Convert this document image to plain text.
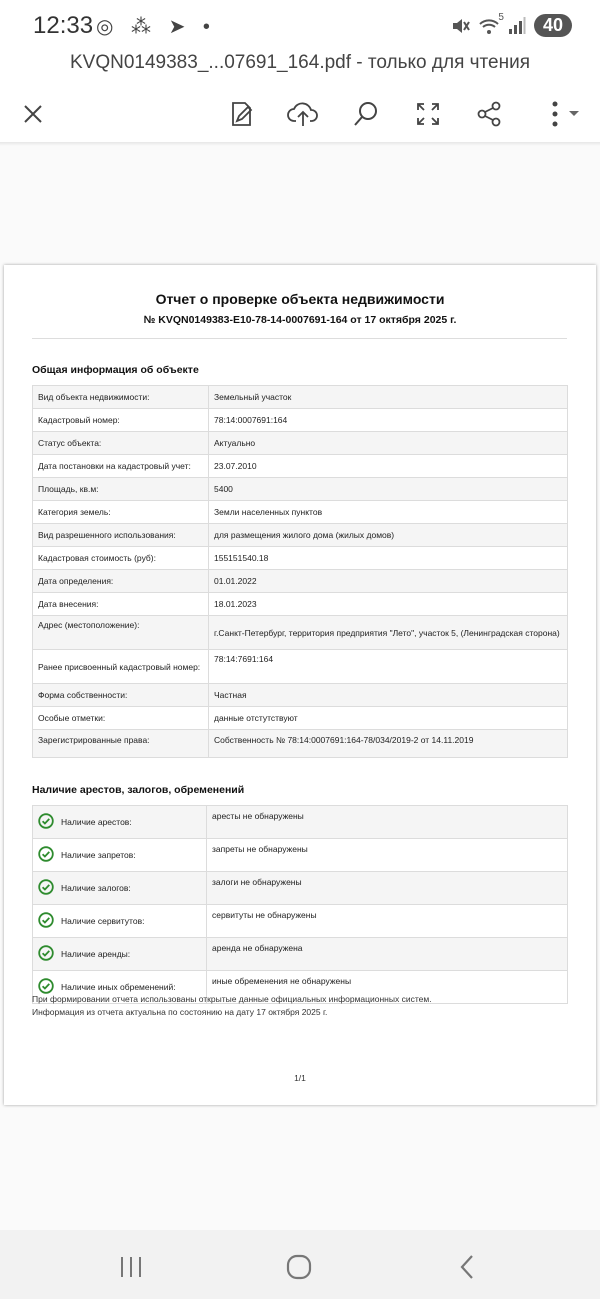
12:33 ◎ ⁂ ➤ •	5	40
KVQN0149383_...07691_164.pdf - только для чтения
Отчет о проверке объекта недвижимости
№ KVQN0149383-E10-78-14-0007691-164 от 17 октября 2025 г.
Общая информация об объекте
Вид объекта недвижимости:	Земельный участок
Кадастровый номер:	78:14:0007691:164
Статус объекта:	Актуально
Дата постановки на кадастровый учет:	23.07.2010
Площадь, кв.м:	5400
Категория земель:	Земли населенных пунктов
Вид разрешенного использования:	для размещения жилого дома (жилых домов)
Кадастровая стоимость (руб):	155151540.18
Дата определения:	01.01.2022
Дата внесения:	18.01.2023
Адрес (местоположение):	г.Санкт-Петербург, территория предприятия "Лето", участок 5, (Ленинградская сторона)
Ранее присвоенный кадастровый номер:	78:14:7691:164
Форма собственности:	Частная
Особые отметки:	данные отстутствуют
Зарегистрированные права:	Собственность № 78:14:0007691:164-78/034/2019-2 от 14.11.2019
Наличие арестов, залогов, обременений
	Наличие арестов:	аресты не обнаружены
	Наличие запретов:	запреты не обнаружены
	Наличие залогов:	залоги не обнаружены
	Наличие сервитутов:	сервитуты не обнаружены
	Наличие аренды:	аренда не обнаружена
	Наличие иных обременений:	иные обременения не обнаружены
При формировании отчета использованы открытые данные официальных информационных систем.
Информация из отчета актуальна по состоянию на дату 17 октября 2025 г.
1/1
